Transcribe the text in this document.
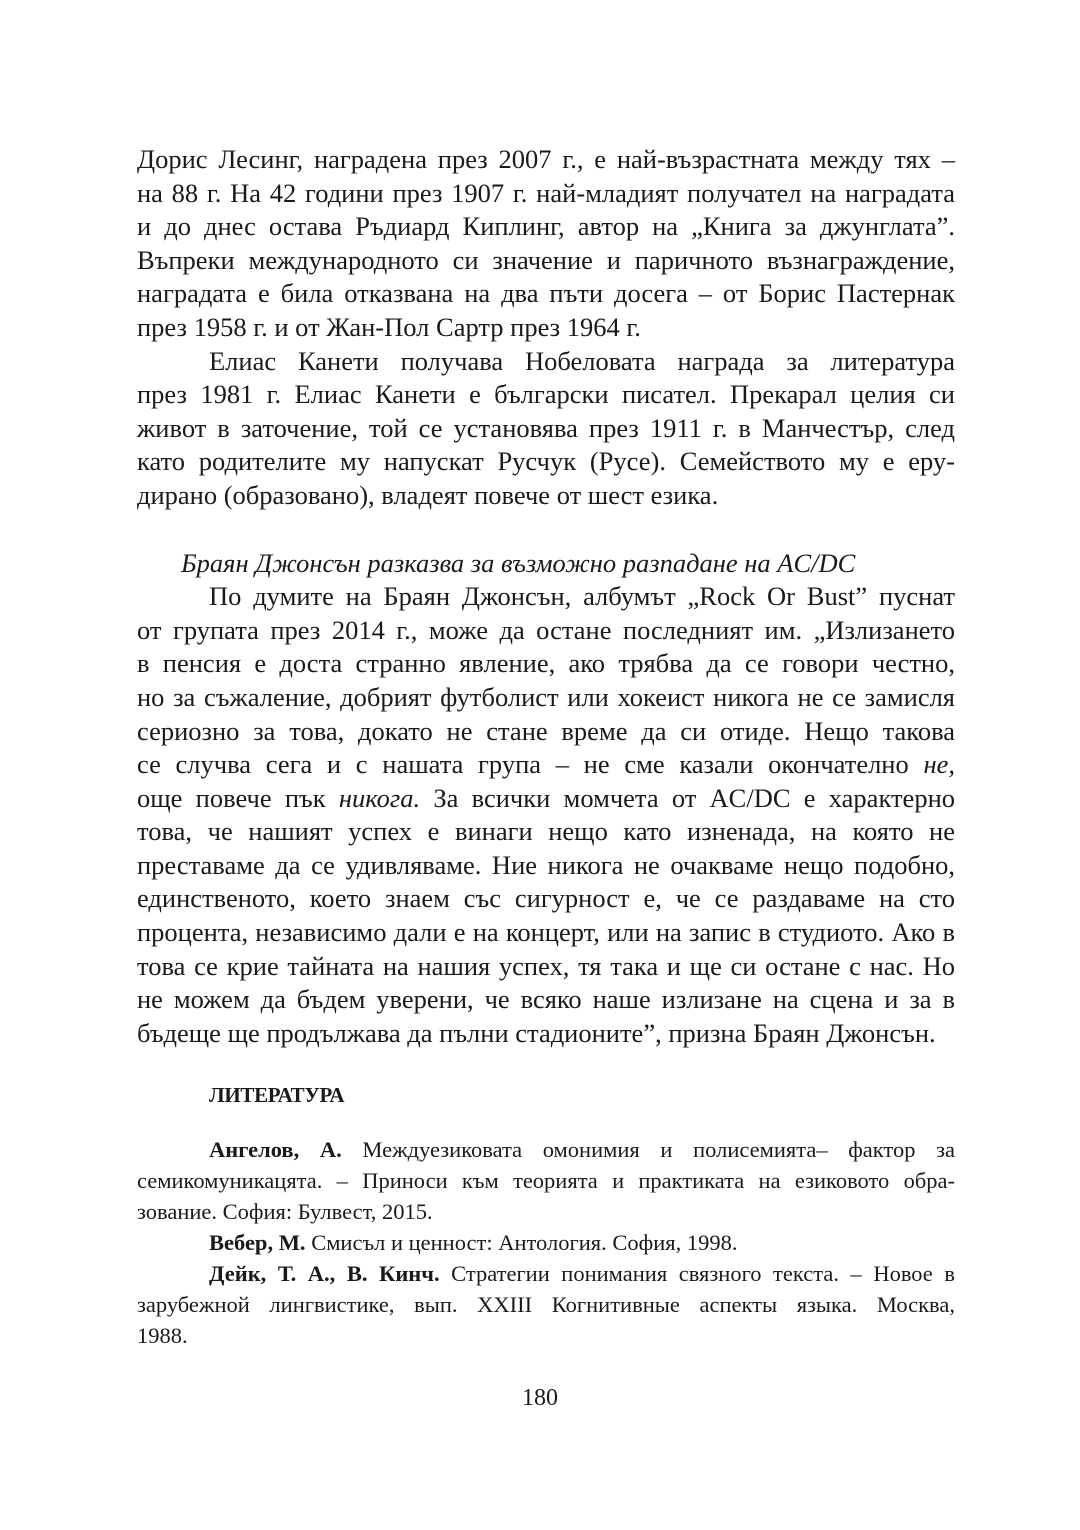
Дорис Лесинг, наградена през 2007 г., е най-възрастната между тях –
на 88 г. На 42 години през 1907 г. най-младият получател на наградата
и до днес остава Ръдиард Киплинг, автор на „Книга за джунглата”.
Въпреки международното си значение и паричното възнаграждение,
наградата е била отказвана на два пъти досега – от Борис Пастернак
през 1958 г. и от Жан-Пол Сартр през 1964 г.
Елиас Канети получава Нобеловата награда за литература
през 1981 г. Елиас Канети е български писател. Прекарал целия си
живот в заточение, той се установява през 1911 г. в Манчестър, след
като родителите му напускат Русчук (Русе). Семейството му е еру-
дирано (образовано), владеят повече от шест езика.

Браян Джонсън разказва за възможно разпадане на AC/DC

По думите на Браян Джонсън, албумът „Rock Or Bust” пуснат
от групата през 2014 г., може да остане последният им. „Излизането
в пенсия е доста странно явление, ако трябва да се говори честно,
но за съжаление, добрият футболист или хокеист никога не се замисля
сериозно за това, докато не стане време да си отиде. Нещо такова
се случва сега и с нашата група – не сме казали окончателно не,
още повече пък никога. За всички момчета от AC/DC е характерно
това, че нашият успех е винаги нещо като изненада, на която не
преставаме да се удивляваме. Ние никога не очакваме нещо подобно,
единственото, което знаем със сигурност е, че се раздаваме на сто
процента, независимо дали е на концерт, или на запис в студиото. Ако в
това се крие тайната на нашия успех, тя така и ще си остане с нас. Но
не можем да бъдем уверени, че всяко наше излизане на сцена и за в
бъдеще ще продължава да пълни стадионите”, призна Браян Джонсън.

ЛИТЕРАТУРА

Ангелов, А. Междуезиковата омонимия и полисемията– фактор за
семикомуникацята. – Приноси към теорията и практиката на езиковото обра-
зование. София: Булвест, 2015.
Вебер, М. Смисъл и ценност: Антология. София, 1998.
Дейк, Т. А., В. Кинч. Стратегии понимания связного текста. – Новое в
зарубежной лингвистике, вып. XXIII Когнитивные аспекты языка. Москва,
1988.
180
